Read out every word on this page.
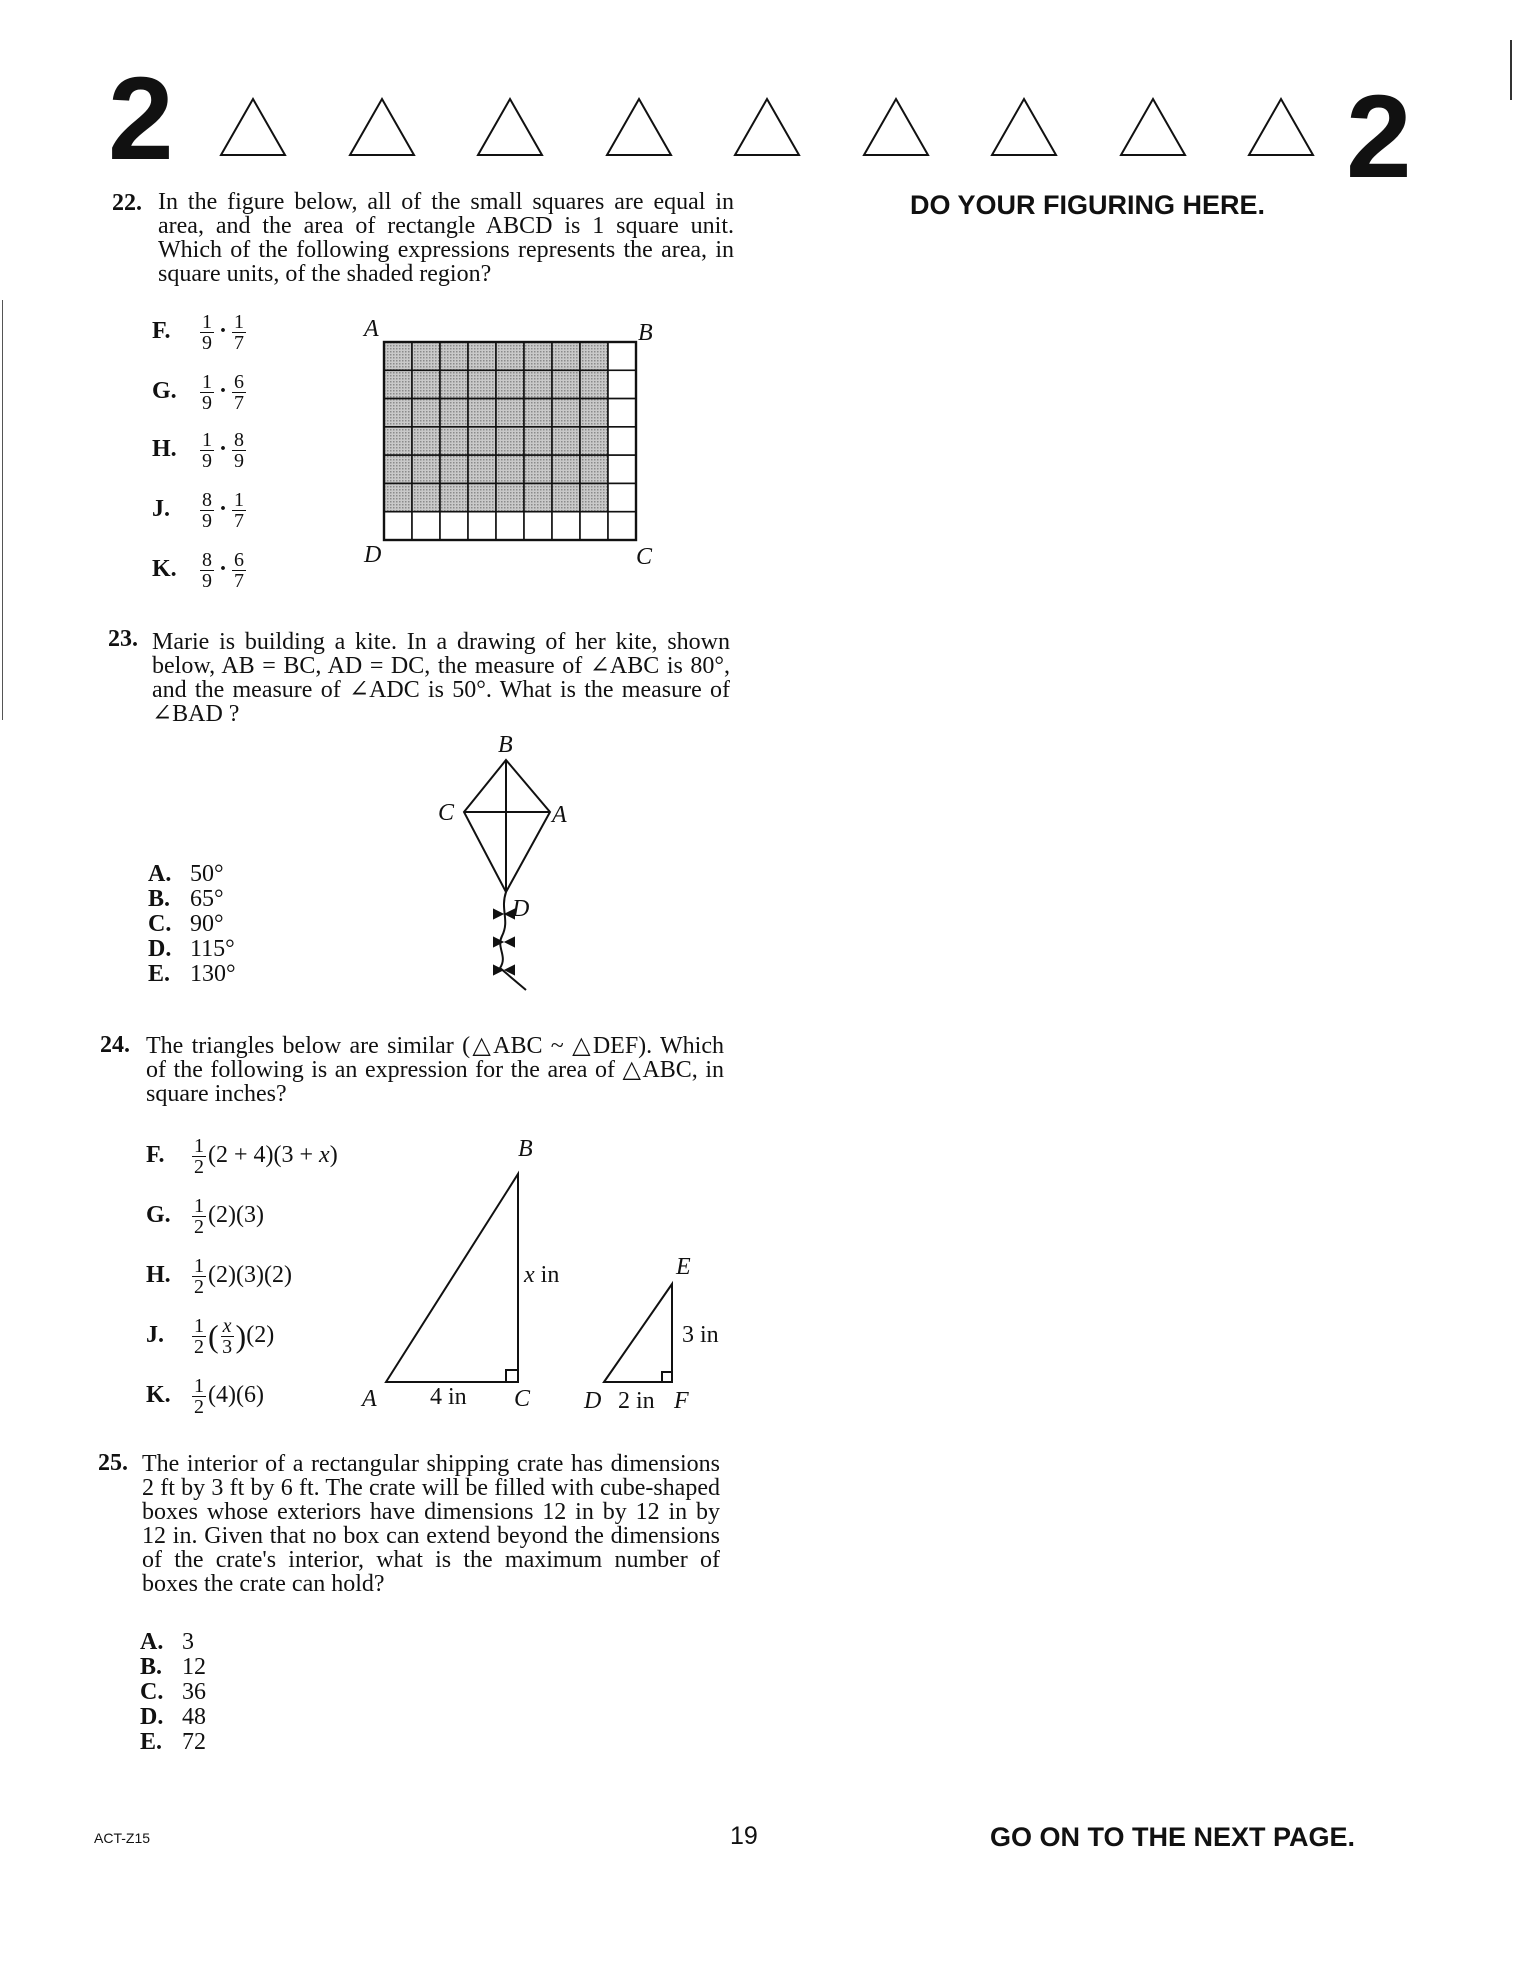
2	2
DO YOUR FIGURING HERE.
22. In the figure below, all of the small squares are equal in area, and the area of rectangle ABCD is 1 square unit. Which of the following expressions represents the area, in square units, of the shaded region?
F. $\frac{1}{9} \cdot \frac{1}{7}$
G. $\frac{1}{9} \cdot \frac{6}{7}$
H. $\frac{1}{9} \cdot \frac{8}{9}$
J. $\frac{8}{9} \cdot \frac{1}{7}$
K. $\frac{8}{9} \cdot \frac{6}{7}$
A	B
D	C
23. Marie is building a kite. In a drawing of her kite, shown below, AB = BC, AD = DC, the measure of ∠ABC is 80°, and the measure of ∠ADC is 50°. What is the measure of ∠BAD ?
A. 50°
B. 65°
C. 90°
D. 115°
E. 130°
B
C	A
D
24. The triangles below are similar (△ABC ~ △DEF). Which of the following is an expression for the area of △ABC, in square inches?
F. $\frac{1}{2} (2 + 4)(3 + x)$
G. $\frac{1}{2} (2)(3)$
H. $\frac{1}{2} (2)(3)(2)$
J. $\frac{1}{2}$ ( $\frac{x}{3} )(2)$
K. $\frac{1}{2} (4)(6)$
B
A	C
4 in
x in	E
3 in
D 2 in F
25. The interior of a rectangular shipping crate has dimensions 2 ft by 3 ft by 6 ft. The crate will be filled with cube-shaped boxes whose exteriors have dimensions 12 in by 12 in by 12 in. Given that no box can extend beyond the dimensions of the crate's interior, what is the maximum number of boxes the crate can hold?
A. 3
B. 12
C. 36
D. 48
E. 72
ACT-Z15	19	GO ON TO THE NEXT PAGE.
